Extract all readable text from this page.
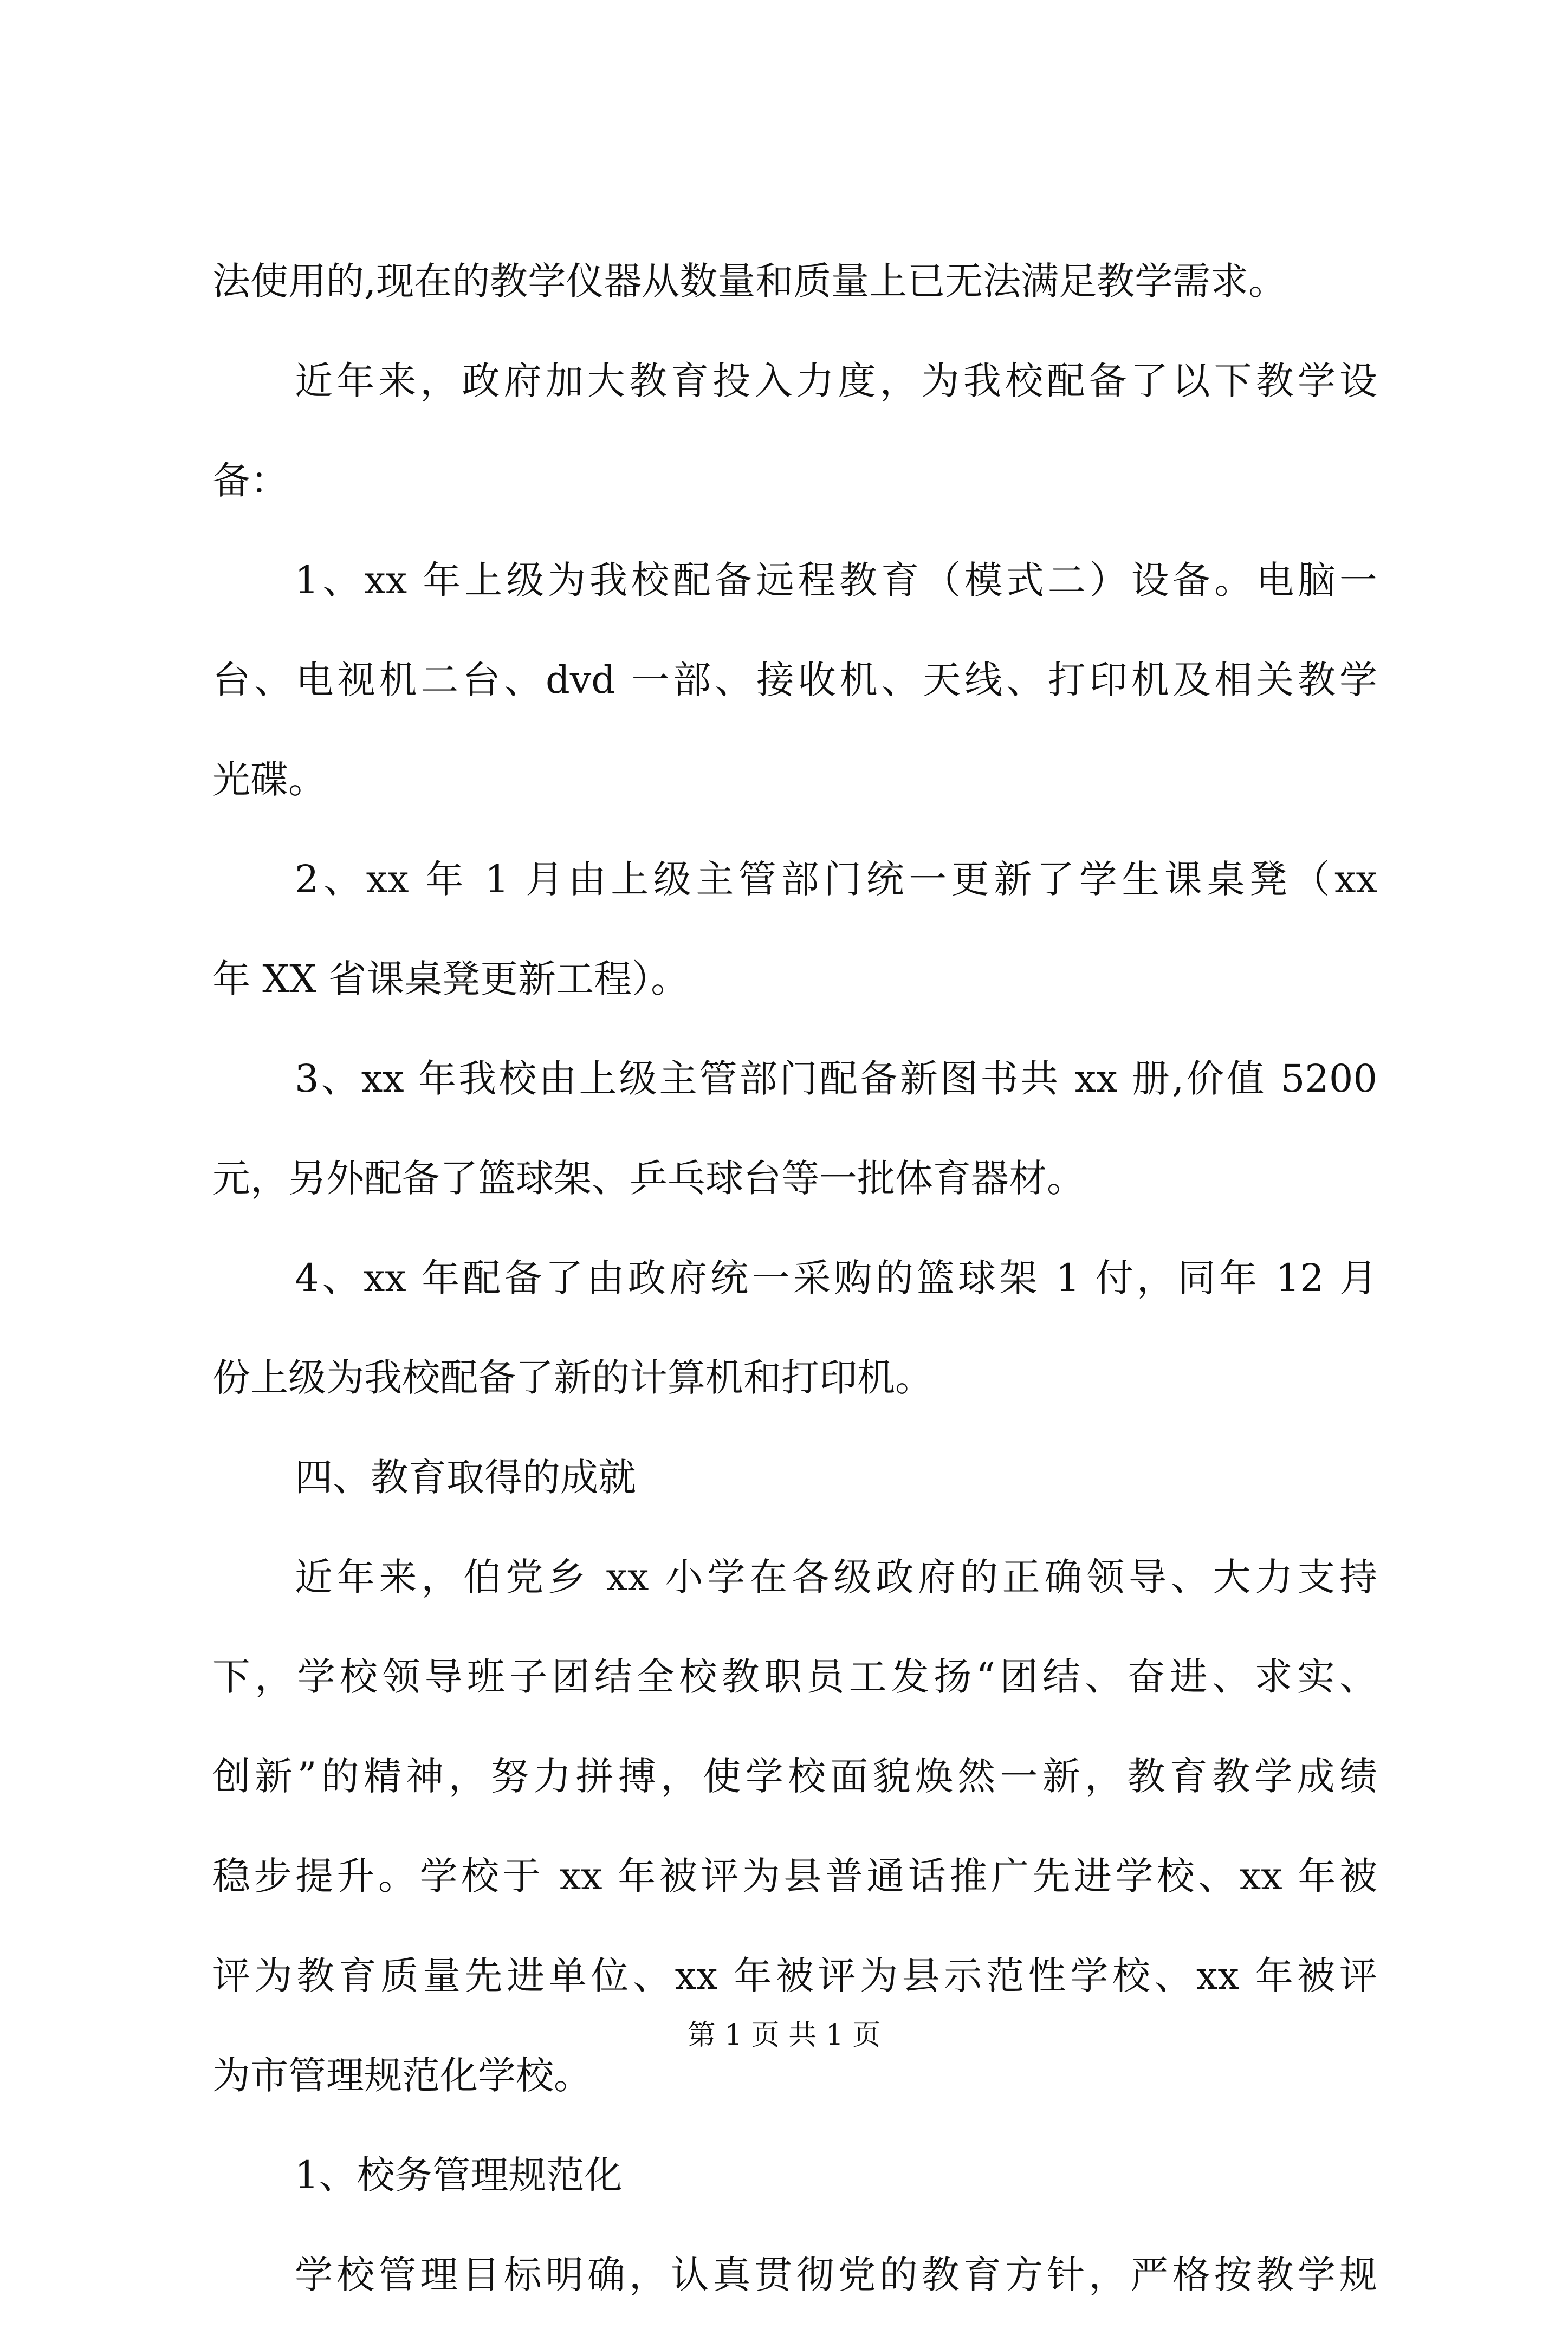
法使用的,现在的教学仪器从数量和质量上已无法满足教学需求。
近年来，政府加大教育投入力度，为我校配备了以下教学设
备：
1、xx 年上级为我校配备远程教育（模式二）设备。电脑一
台、电视机二台、dvd 一部、接收机、天线、打印机及相关教学
光碟。
2、xx 年 1 月由上级主管部门统一更新了学生课桌凳（xx
年 XX 省课桌凳更新工程）。
3、xx 年我校由上级主管部门配备新图书共 xx 册,价值 5200
元，另外配备了篮球架、乒乓球台等一批体育器材。
4、xx 年配备了由政府统一采购的篮球架 1 付，同年 12 月
份上级为我校配备了新的计算机和打印机。
四、教育取得的成就
近年来，伯党乡 xx 小学在各级政府的正确领导、大力支持
下，学校领导班子团结全校教职员工发扬“团结、奋进、求实、
创新”的精神，努力拼搏，使学校面貌焕然一新，教育教学成绩
稳步提升。学校于 xx 年被评为县普通话推广先进学校、xx 年被
评为教育质量先进单位、xx 年被评为县示范性学校、xx 年被评
为市管理规范化学校。
1、校务管理规范化
学校管理目标明确，认真贯彻党的教育方针，严格按教学规
第 1 页 共 1 页
